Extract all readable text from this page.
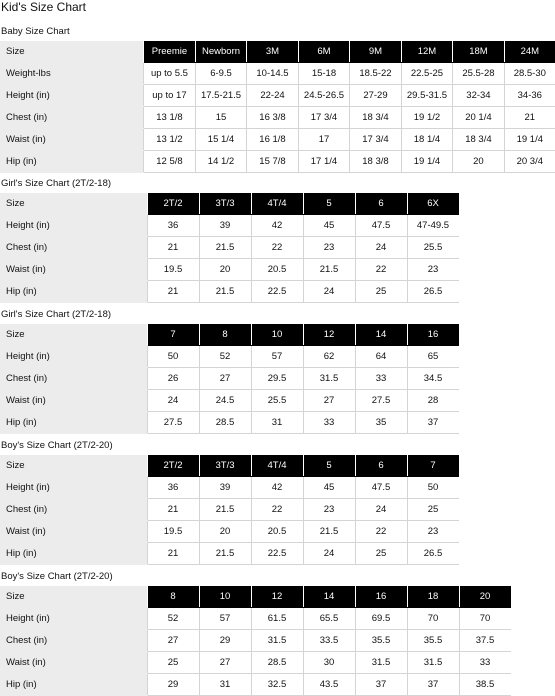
Kid's Size Chart
Baby Size Chart
Size	Preemie	Newborn	3M	6M	9M	12M	18M	24M
Weight-lbs	up to 5.5	6-9.5	10-14.5	15-18	18.5-22	22.5-25	25.5-28	28.5-30
Height (in)	up to 17	17.5-21.5	22-24	24.5-26.5	27-29	29.5-31.5	32-34	34-36
Chest (in)	13 1/8	15	16 3/8	17 3/4	18 3/4	19 1/2	20 1/4	21
Waist (in)	13 1/2	15 1/4	16 1/8	17	17 3/4	18 1/4	18 3/4	19 1/4
Hip (in)	12 5/8	14 1/2	15 7/8	17 1/4	18 3/8	19 1/4	20	20 3/4
Girl's Size Chart (2T/2-18)
Size	2T/2	3T/3	4T/4	5	6	6X
Height (in)	36	39	42	45	47.5	47-49.5
Chest (in)	21	21.5	22	23	24	25.5
Waist (in)	19.5	20	20.5	21.5	22	23
Hip (in)	21	21.5	22.5	24	25	26.5
Girl's Size Chart (2T/2-18)
Size	7	8	10	12	14	16
Height (in)	50	52	57	62	64	65
Chest (in)	26	27	29.5	31.5	33	34.5
Waist (in)	24	24.5	25.5	27	27.5	28
Hip (in)	27.5	28.5	31	33	35	37
Boy's Size Chart (2T/2-20)
Size	2T/2	3T/3	4T/4	5	6	7
Height (in)	36	39	42	45	47.5	50
Chest (in)	21	21.5	22	23	24	25
Waist (in)	19.5	20	20.5	21.5	22	23
Hip (in)	21	21.5	22.5	24	25	26.5
Boy's Size Chart (2T/2-20)
Size	8	10	12	14	16	18	20
Height (in)	52	57	61.5	65.5	69.5	70	70
Chest (in)	27	29	31.5	33.5	35.5	35.5	37.5
Waist (in)	25	27	28.5	30	31.5	31.5	33
Hip (in)	29	31	32.5	43.5	37	37	38.5
